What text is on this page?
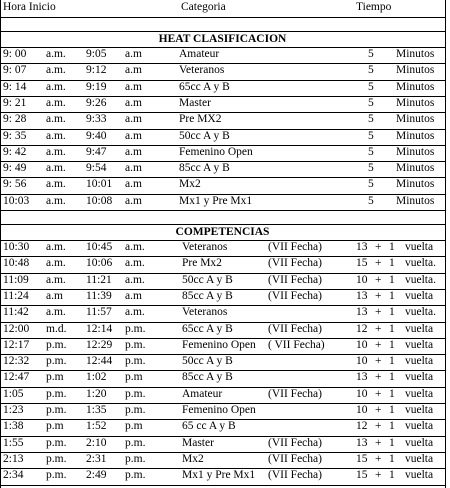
Hora Inicio	Categoria	Tiempo
HEAT CLASIFICACION
9: 00 a.m. 9:05 a.m	Amateur	5 Minutos
9: 07 a.m. 9:12 a.m	Veteranos	5 Minutos
9: 14 a.m. 9:19 a.m	65cc A y B	5 Minutos
9: 21 a.m. 9:26 a.m	Master	5 Minutos
9: 28 a.m. 9:33 a.m	Pre MX2	5 Minutos
9: 35 a.m. 9:40 a.m	50cc A y B	5 Minutos
9: 42 a.m. 9:47 a.m	Femenino Open	5 Minutos
9: 49 a.m. 9:54 a.m	85cc A y B	5 Minutos
9: 56 a.m. 10:01 a.m	Mx2	5 Minutos
10:03 a.m. 10:08 a.m	Mx1 y Pre Mx1	5 Minutos
COMPETENCIAS
10:30 a.m. 10:45 a.m.	Veteranos	(VII Fecha)	13 + 1 vuelta
10:48 a.m. 10:06 a.m.	Pre Mx2	(VII Fecha)	15 + 1 vuelta.
11:09 a.m. 11:21 a.m.	50cc A y B	(VII Fecha)	10 + 1 vuelta.
11:24 a.m 11:39 a.m	85cc A y B	(VII Fecha)	13 + 1 vuelta
11:42 a.m. 11:57 a.m.	Veteranos	13 + 1 vuelta.
12:00 m.d. 12:14 p.m.	65cc A y B	(VII Fecha)	12 + 1 vuelta
12:17 p.m. 12:29 p.m.	Femenino Open ( VII Fecha)	10 + 1 vuelta
12:32 p.m. 12:44 p.m.	50cc A y B	10 + 1 vuelta
12:47 p.m 1:02 p.m	85cc A y B	13 + 1 vuelta
1:05 p.m. 1:20 p.m.	Amateur	(VII Fecha)	10 + 1 vuelta
1:23 p.m. 1:35 p.m.	Femenino Open	10 + 1 vuelta
1:38 p.m 1:52 p.m	65 cc A y B	12 + 1 vuelta
1:55 p.m. 2:10 p.m.	Master	(VII Fecha)	13 + 1 vuelta
2:13 p.m. 2:31 p.m.	Mx2	(VII Fecha)	15 + 1 vuelta
2:34 p.m. 2:49 p.m.	Mx1 y Pre Mx1 (VII Fecha)	15 + 1 vuelta
